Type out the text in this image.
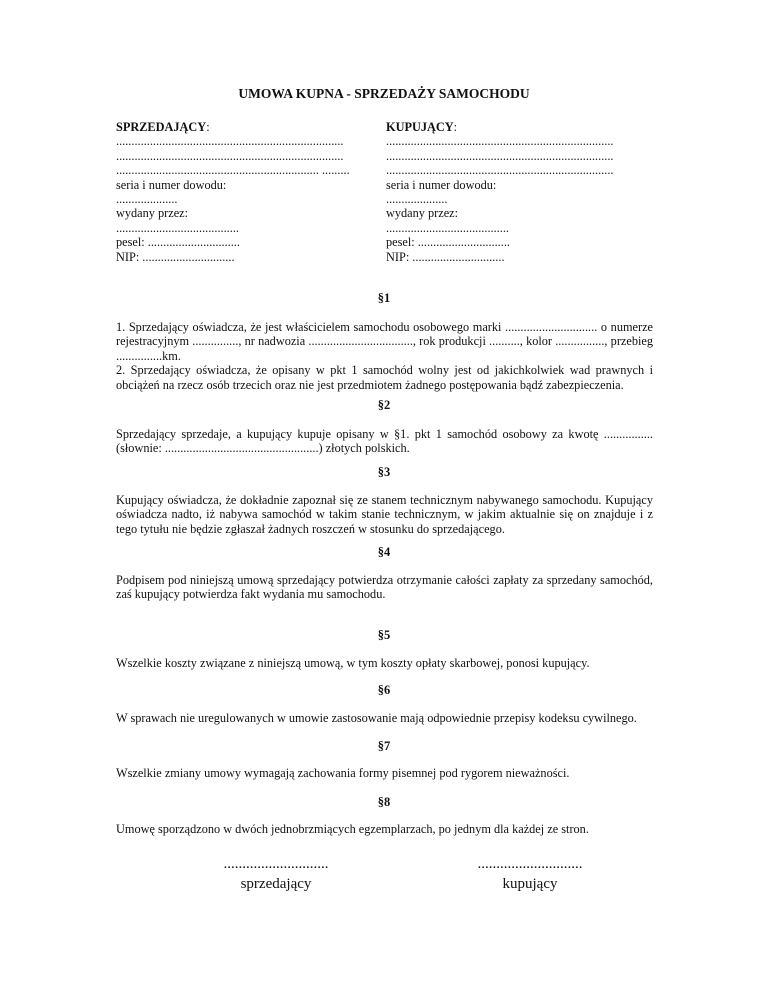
UMOWA KUPNA - SPRZEDAŻY SAMOCHODU
SPRZEDAJĄCY:
..........................................................................
..........................................................................
.................................................................. .........
seria i numer dowodu:
....................
wydany przez:
........................................
pesel: ..............................
NIP: ..............................
KUPUJĄCY:
..........................................................................
..........................................................................
..........................................................................
seria i numer dowodu:
....................
wydany przez:
........................................
pesel: ..............................
NIP: ..............................
§1

1. Sprzedający oświadcza, że jest właścicielem samochodu osobowego marki .............................. o numerze rejestracyjnym ..............., nr nadwozia .................................., rok produkcji .........., kolor ................, przebieg ...............km.

2. Sprzedający oświadcza, że opisany w pkt 1 samochód wolny jest od jakichkolwiek wad prawnych i obciążeń na rzecz osób trzecich oraz nie jest przedmiotem żadnego postępowania bądź zabezpieczenia.

§2

Sprzedający sprzedaje, a kupujący kupuje opisany w §1. pkt 1 samochód osobowy za kwotę ................ (słownie: ..................................................) złotych polskich.

§3

Kupujący oświadcza, że dokładnie zapoznał się ze stanem technicznym nabywanego samochodu. Kupujący oświadcza nadto, iż nabywa samochód w takim stanie technicznym, w jakim aktualnie się on znajduje i z tego tytułu nie będzie zgłaszał żadnych roszczeń w stosunku do sprzedającego.

§4

Podpisem pod niniejszą umową sprzedający potwierdza otrzymanie całości zapłaty za sprzedany samochód, zaś kupujący potwierdza fakt wydania mu samochodu.

§5

Wszelkie koszty związane z niniejszą umową, w tym koszty opłaty skarbowej, ponosi kupujący.

§6

W sprawach nie uregulowanych w umowie zastosowanie mają odpowiednie przepisy kodeksu cywilnego.

§7

Wszelkie zmiany umowy wymagają zachowania formy pisemnej pod rygorem nieważności.

§8

Umowę sporządzono w dwóch jednobrzmiących egzemplarzach, po jednym dla każdej ze stron.

............................
sprzedający
............................
kupujący
